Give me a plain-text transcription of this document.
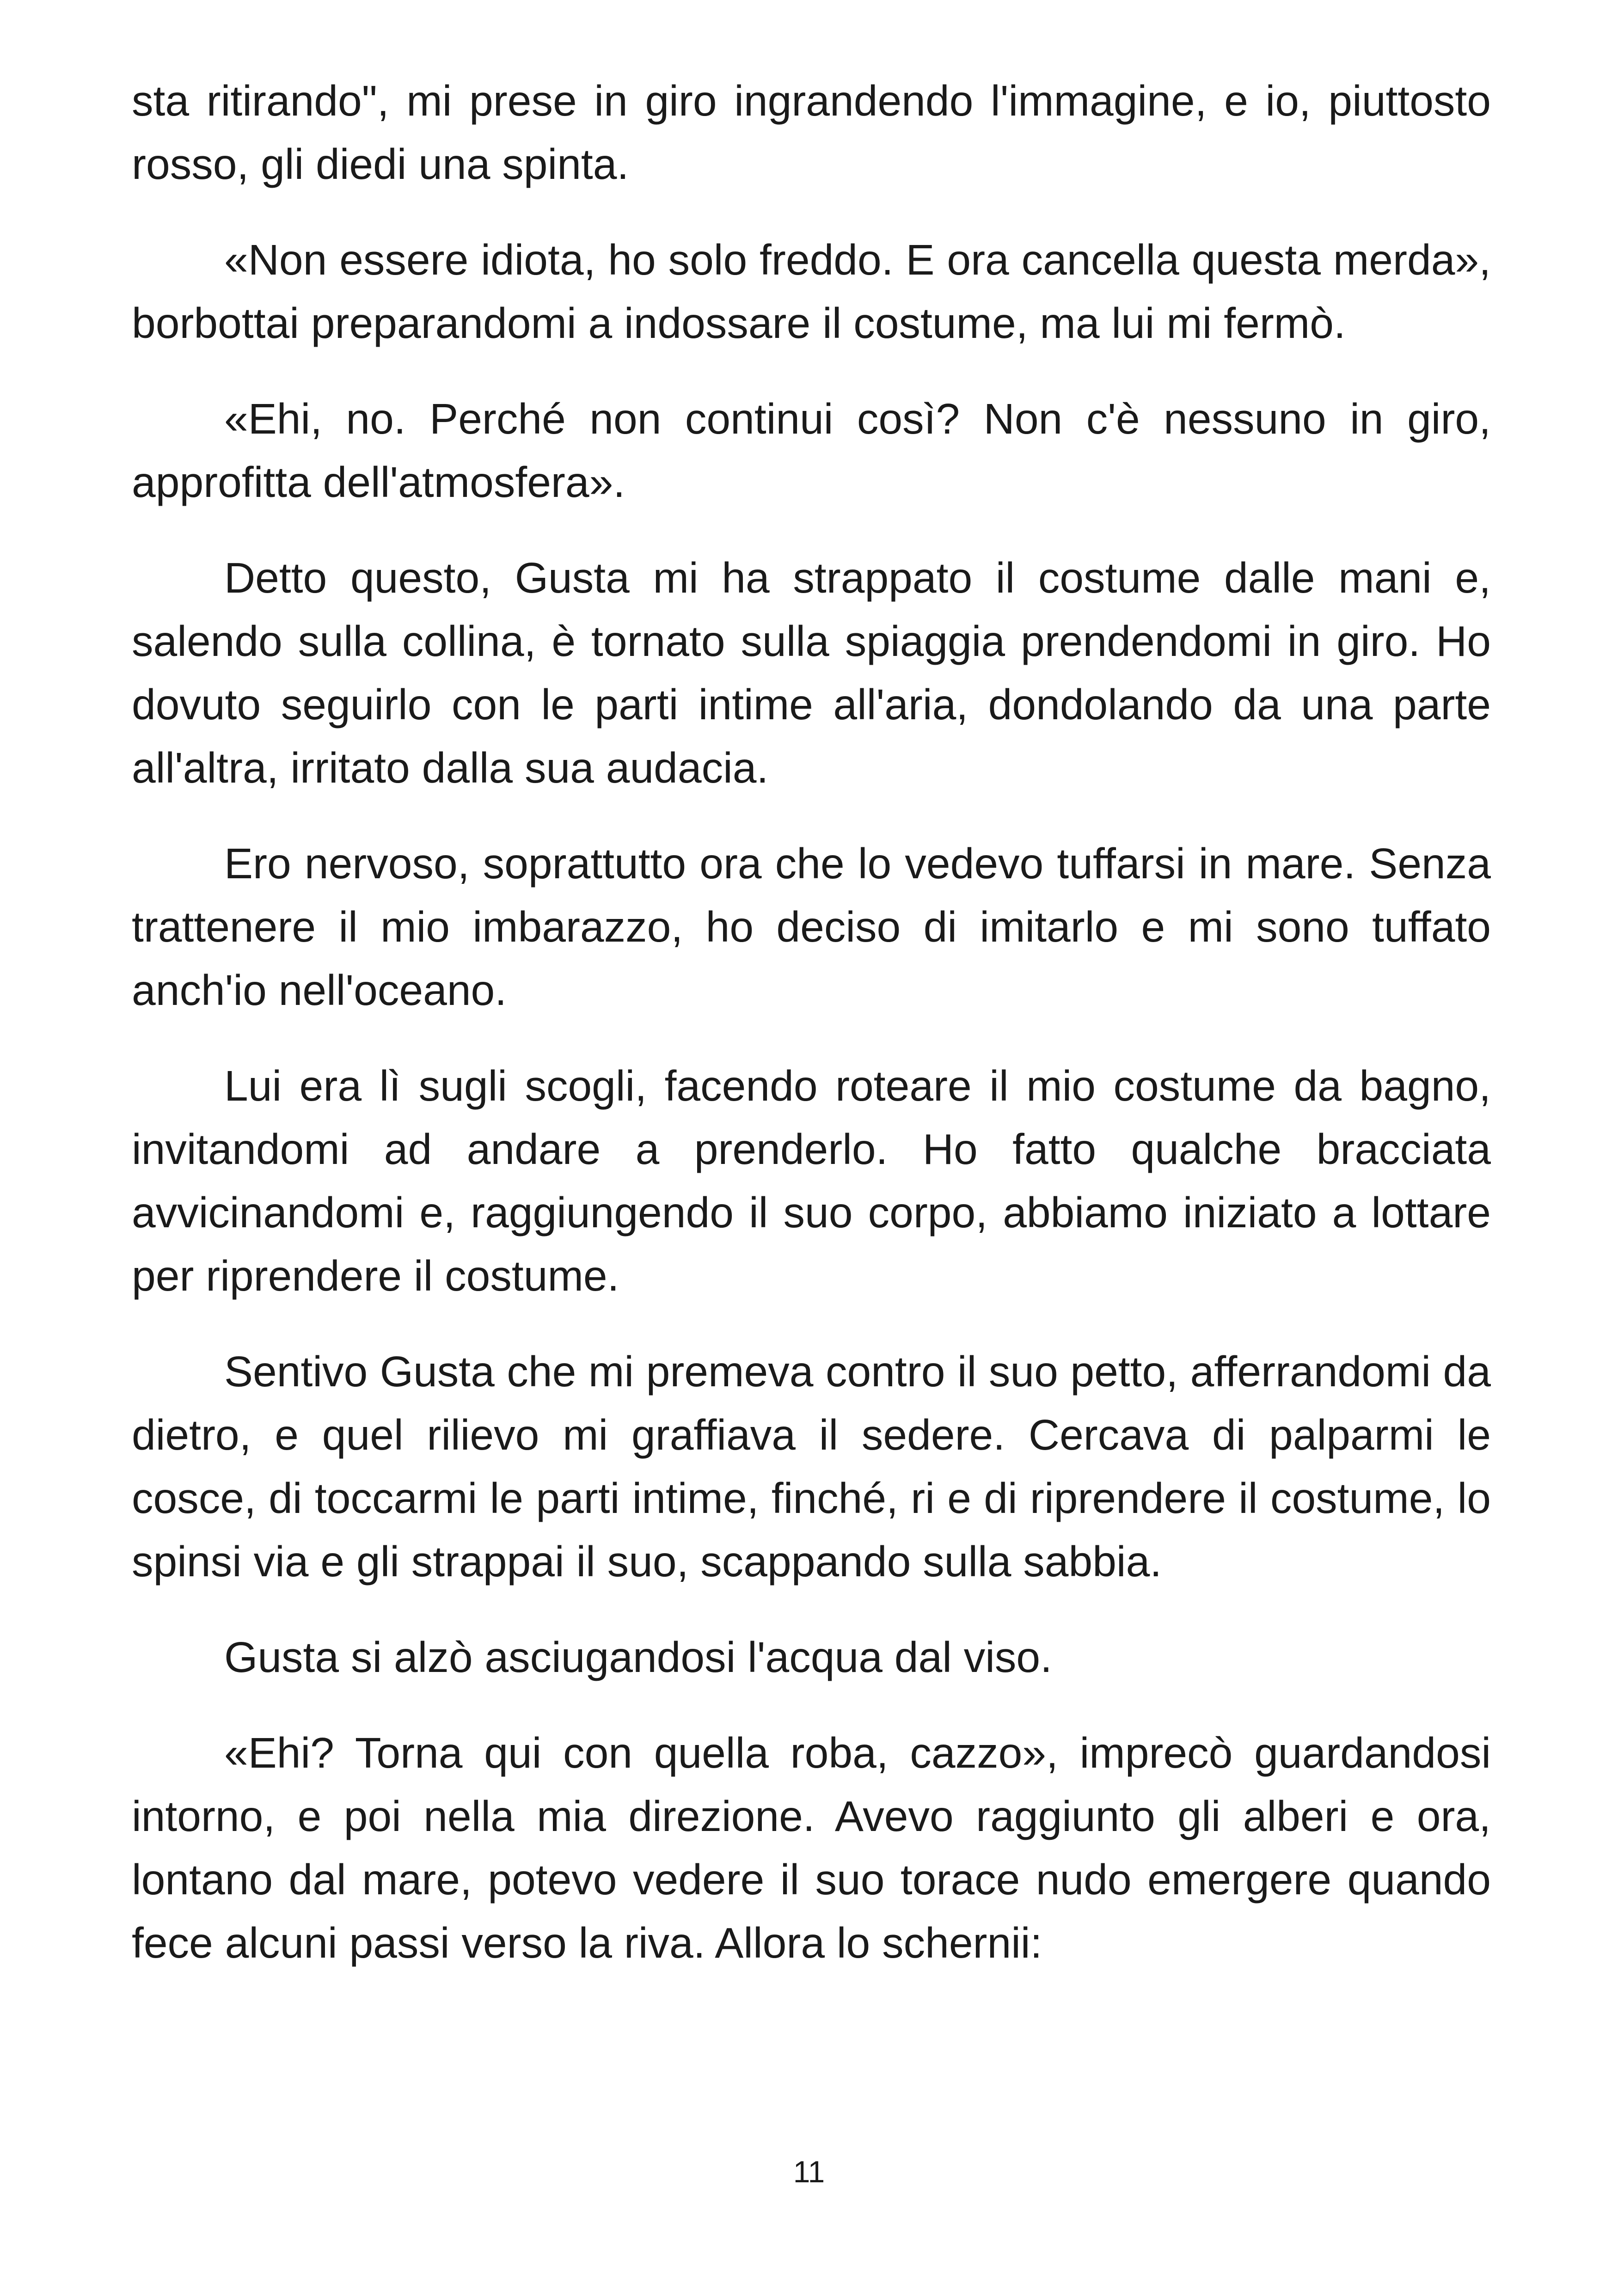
sta ritirando", mi prese in giro ingrandendo l'immagine, e io, piuttosto rosso, gli diedi una spinta.

«Non essere idiota, ho solo freddo. E ora cancella questa merda», borbottai preparandomi a indossare il costume, ma lui mi fermò.

«Ehi, no. Perché non continui così? Non c'è nessuno in giro, approfitta dell'atmosfera».

Detto questo, Gusta mi ha strappato il costume dalle mani e, salendo sulla collina, è tornato sulla spiaggia prendendomi in giro. Ho dovuto seguirlo con le parti intime all'aria, dondolando da una parte all'altra, irritato dalla sua audacia.

Ero nervoso, soprattutto ora che lo vedevo tuffarsi in mare. Senza trattenere il mio imbarazzo, ho deciso di imitarlo e mi sono tuffato anch'io nell'oceano.

Lui era lì sugli scogli, facendo roteare il mio costume da bagno, invitandomi ad andare a prenderlo. Ho fatto qualche bracciata avvicinandomi e, raggiungendo il suo corpo, abbiamo iniziato a lottare per riprendere il costume.

Sentivo Gusta che mi premeva contro il suo petto, afferrandomi da dietro, e quel rilievo mi graffiava il sedere. Cercava di palparmi le cosce, di toccarmi le parti intime, finché, ri e di riprendere il costume, lo spinsi via e gli strappai il suo, scappando sulla sabbia.

Gusta si alzò asciugandosi l'acqua dal viso.

«Ehi? Torna qui con quella roba, cazzo», imprecò guardandosi intorno, e poi nella mia direzione. Avevo raggiunto gli alberi e ora, lontano dal mare, potevo vedere il suo torace nudo emergere quando fece alcuni passi verso la riva. Allora lo schernii:

11
